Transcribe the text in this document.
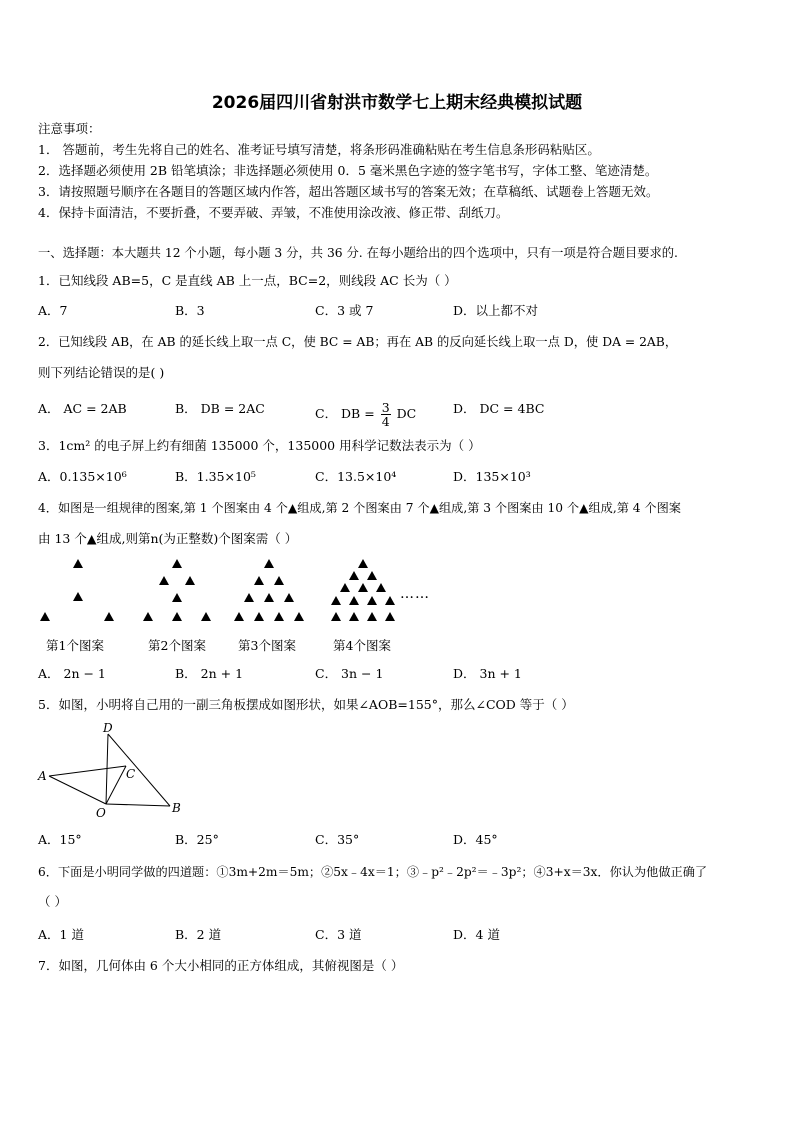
2026届四川省射洪市数学七上期末经典模拟试题
注意事项：
1． 答题前，考生先将自己的姓名、准考证号填写清楚，将条形码准确粘贴在考生信息条形码粘贴区。
2．选择题必须使用 2B 铅笔填涂；非选择题必须使用 0．5 毫米黑色字迹的签字笔书写，字体工整、笔迹清楚。
3．请按照题号顺序在各题目的答题区域内作答，超出答题区域书写的答案无效；在草稿纸、试题卷上答题无效。
4．保持卡面清洁，不要折叠，不要弄破、弄皱，不准使用涂改液、修正带、刮纸刀。
一、选择题：本大题共 12 个小题，每小题 3 分，共 36 分. 在每小题给出的四个选项中，只有一项是符合题目要求的.
1．已知线段 AB=5，C 是直线 AB 上一点，BC=2，则线段 AC 长为（ ）
A．7	B．3	C．3 或 7	D．以上都不对
2．已知线段 AB，在 AB 的延长线上取一点 C，使 BC = AB；再在 AB 的反向延长线上取一点 D，使 DA = 2AB，
则下列结论错误的是( )
A． AC = 2AB	B． DB = 2AC	C． DB = $\frac{3}{4}$ DC	D． DC = 4BC
3．1cm² 的电子屏上约有细菌 135000 个，135000 用科学记数法表示为（ ）
A．0.135×10⁶	B．1.35×10⁵	C．13.5×10⁴	D．135×10³
4．如图是一组规律的图案,第 1 个图案由 4 个▲组成,第 2 个图案由 7 个▲组成,第 3 个图案由 10 个▲组成,第 4 个图案
由 13 个▲组成,则第n(为正整数)个图案需（ ）
……
第1个图案	第2个图案	第3个图案	第4个图案
A． 2n − 1	B． 2n + 1	C． 3n − 1	D． 3n + 1
5．如图，小明将自己用的一副三角板摆成如图形状，如果∠AOB=155°，那么∠COD 等于（ ）
D
A	C
B
O
A．15°	B．25°	C．35°	D．45°
6．下面是小明同学做的四道题：①3m+2m＝5m；②5x﹣4x＝1；③﹣p²﹣2p²＝﹣3p²；④3+x＝3x．你认为他做正确了
（ ）
A．1 道	B．2 道	C．3 道	D．4 道
7．如图，几何体由 6 个大小相同的正方体组成，其俯视图是（ ）
